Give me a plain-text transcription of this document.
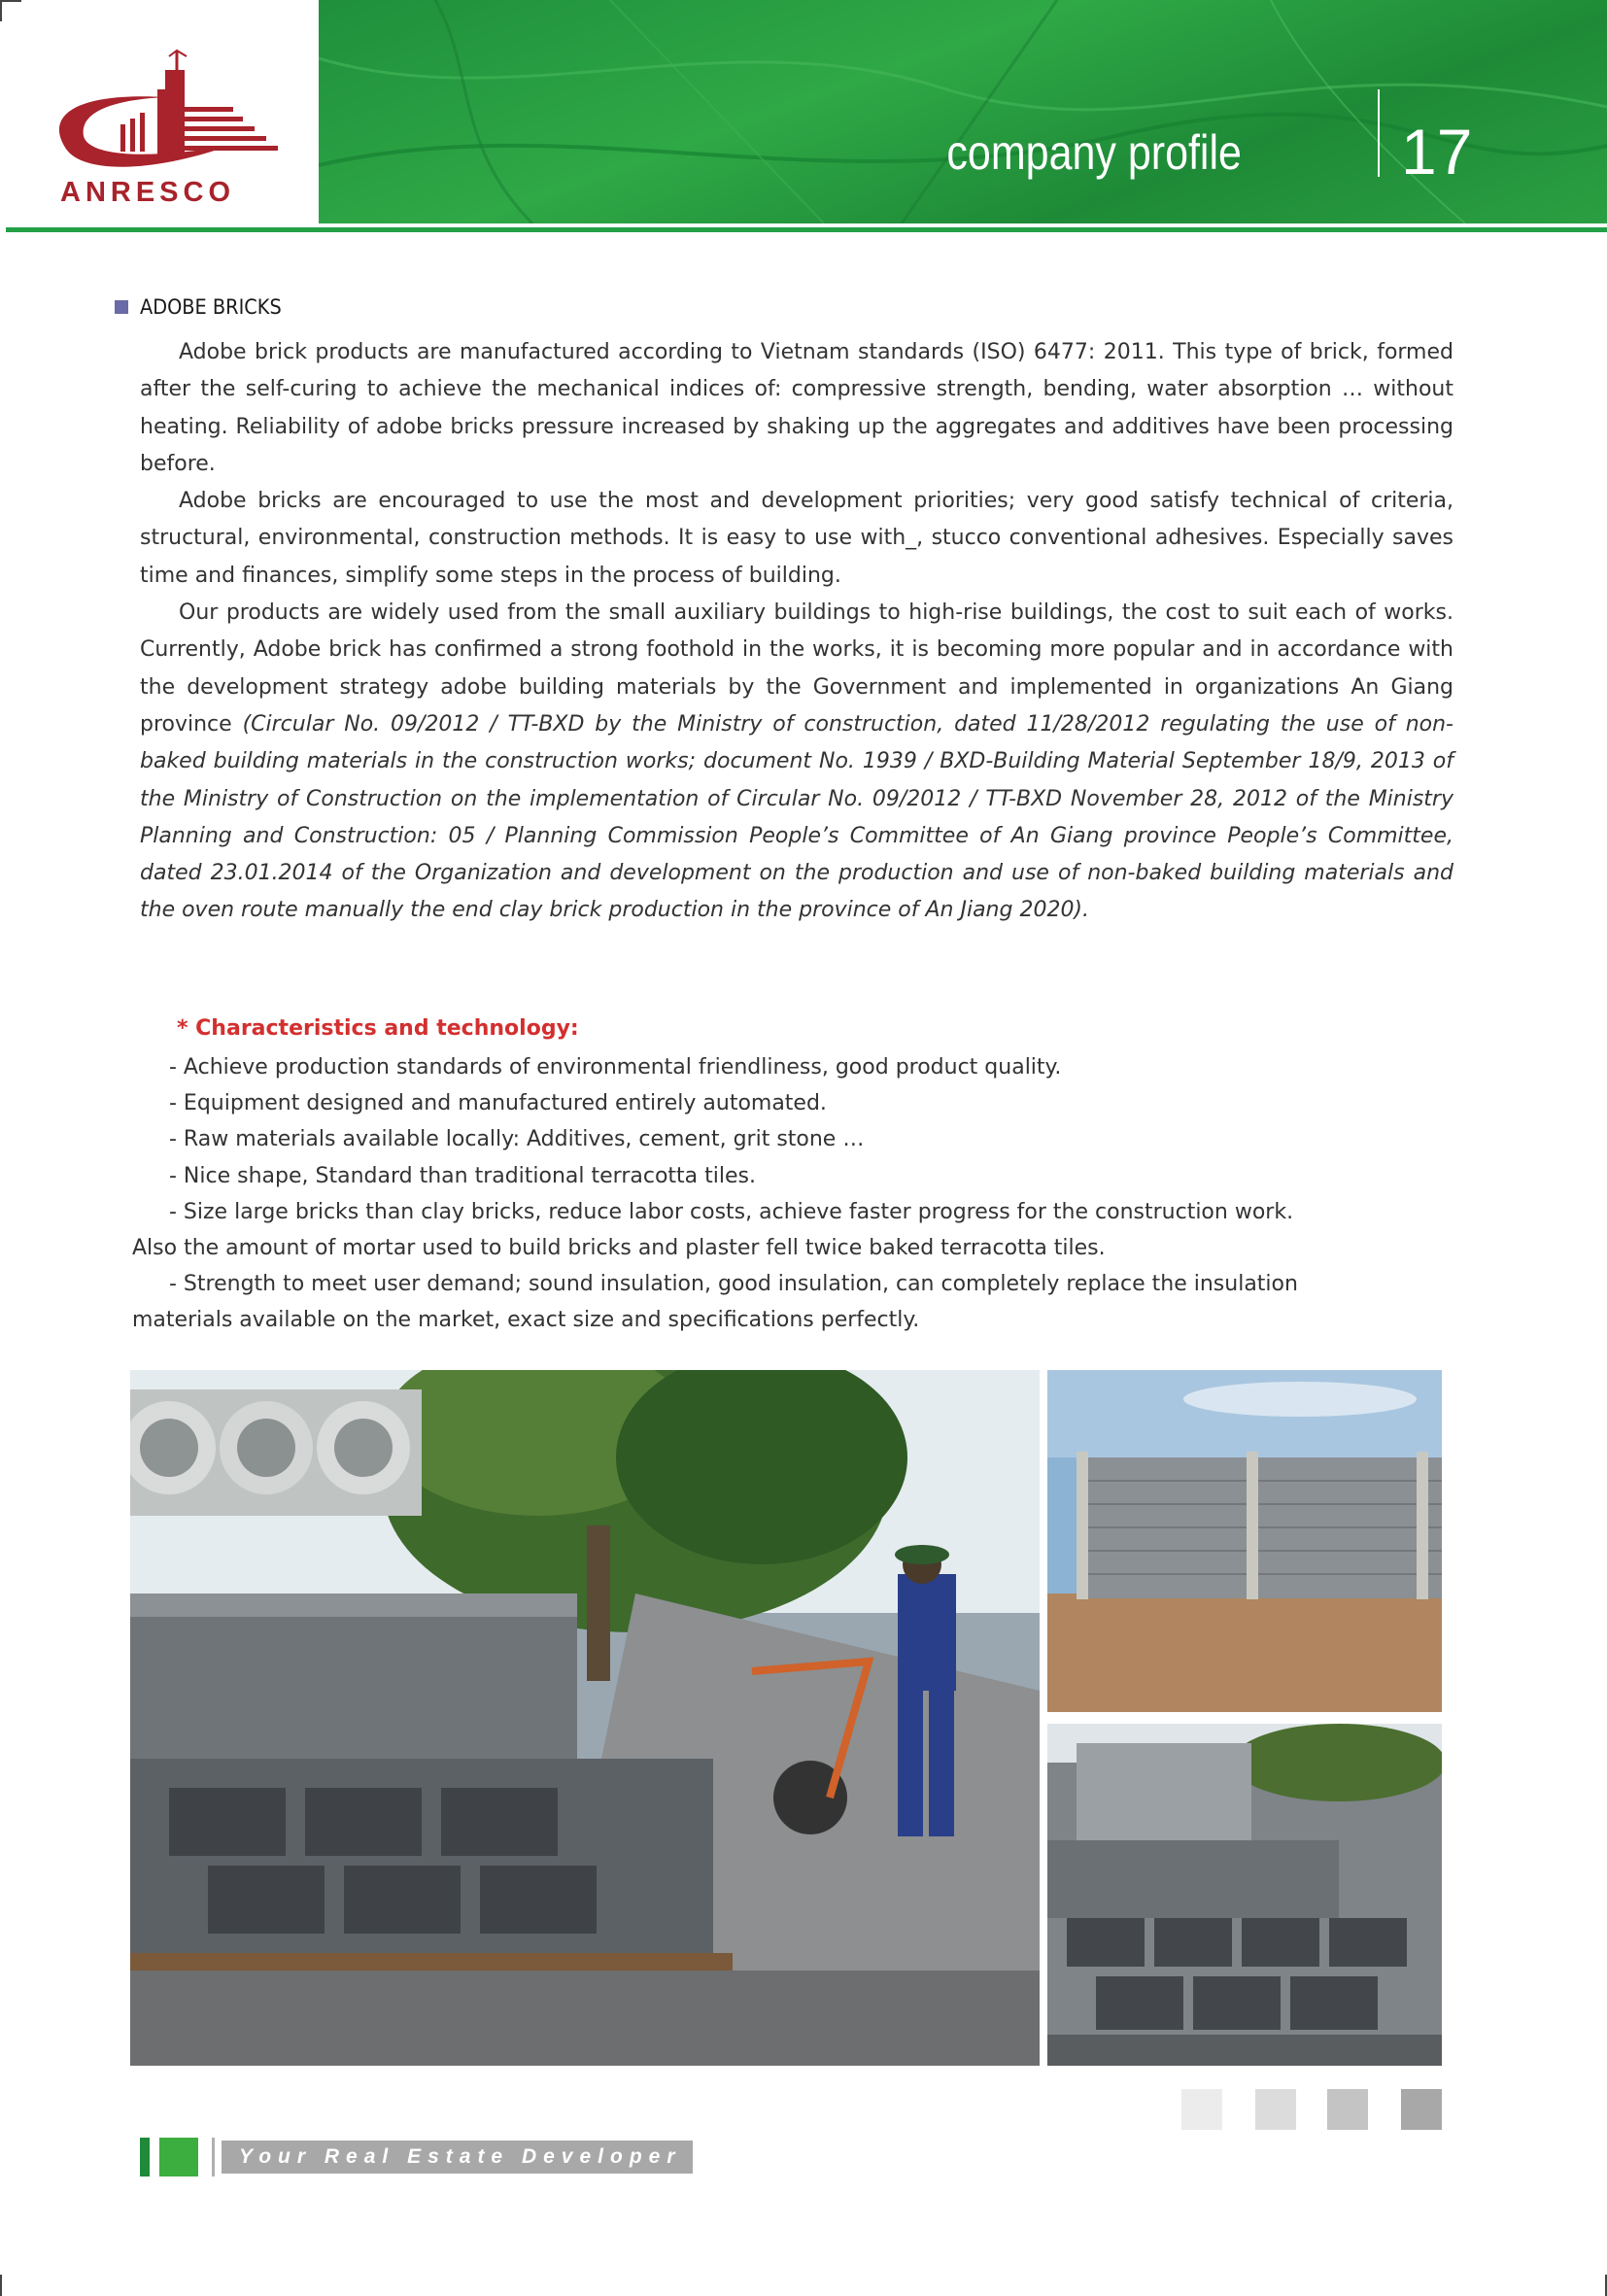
ANRESCO
company profile 17
ADOBE BRICKS

Adobe brick products are manufactured according to Vietnam standards (ISO) 6477: 2011. This type of brick, formed after the self-curing to achieve the mechanical indices of: compressive strength, bending, water absorption … without heating. Reliability of adobe bricks pressure increased by shaking up the aggregates and additives have been processing before.

Adobe bricks are encouraged to use the most and development priorities; very good satisfy technical of criteria, structural, environmental, construction methods. It is easy to use with_, stucco conventional adhesives. Especially saves time and finances, simplify some steps in the process of building.

Our products are widely used from the small auxiliary buildings to high-rise buildings, the cost to suit each of works. Currently, Adobe brick has confirmed a strong foothold in the works, it is becoming more popular and in accordance with the development strategy adobe building materials by the Government and implemented in organizations An Giang province (Circular No. 09/2012 / TT-BXD by the Ministry of construction, dated 11/28/2012 regulating the use of non-baked building materials in the construction works; document No. 1939 / BXD-Building Material September 18/9, 2013 of the Ministry of Construction on the implementation of Circular No. 09/2012 / TT-BXD November 28, 2012 of the Ministry Planning and Construction: 05 / Planning Commission People’s Committee of An Giang province People’s Committee, dated 23.01.2014 of the Organization and development on the production and use of non-baked building materials and the oven route manually the end clay brick production in the province of An Jiang 2020).

* Characteristics and technology:
- Achieve production standards of environmental friendliness, good product quality.
- Equipment designed and manufactured entirely automated.
- Raw materials available locally: Additives, cement, grit stone …
- Nice shape, Standard than traditional terracotta tiles.
- Size large bricks than clay bricks, reduce labor costs, achieve faster progress for the construction work.
Also the amount of mortar used to build bricks and plaster fell twice baked terracotta tiles.
- Strength to meet user demand; sound insulation, good insulation, can completely replace the insulation
materials available on the market, exact size and specifications perfectly.
Your Real Estate Developer
